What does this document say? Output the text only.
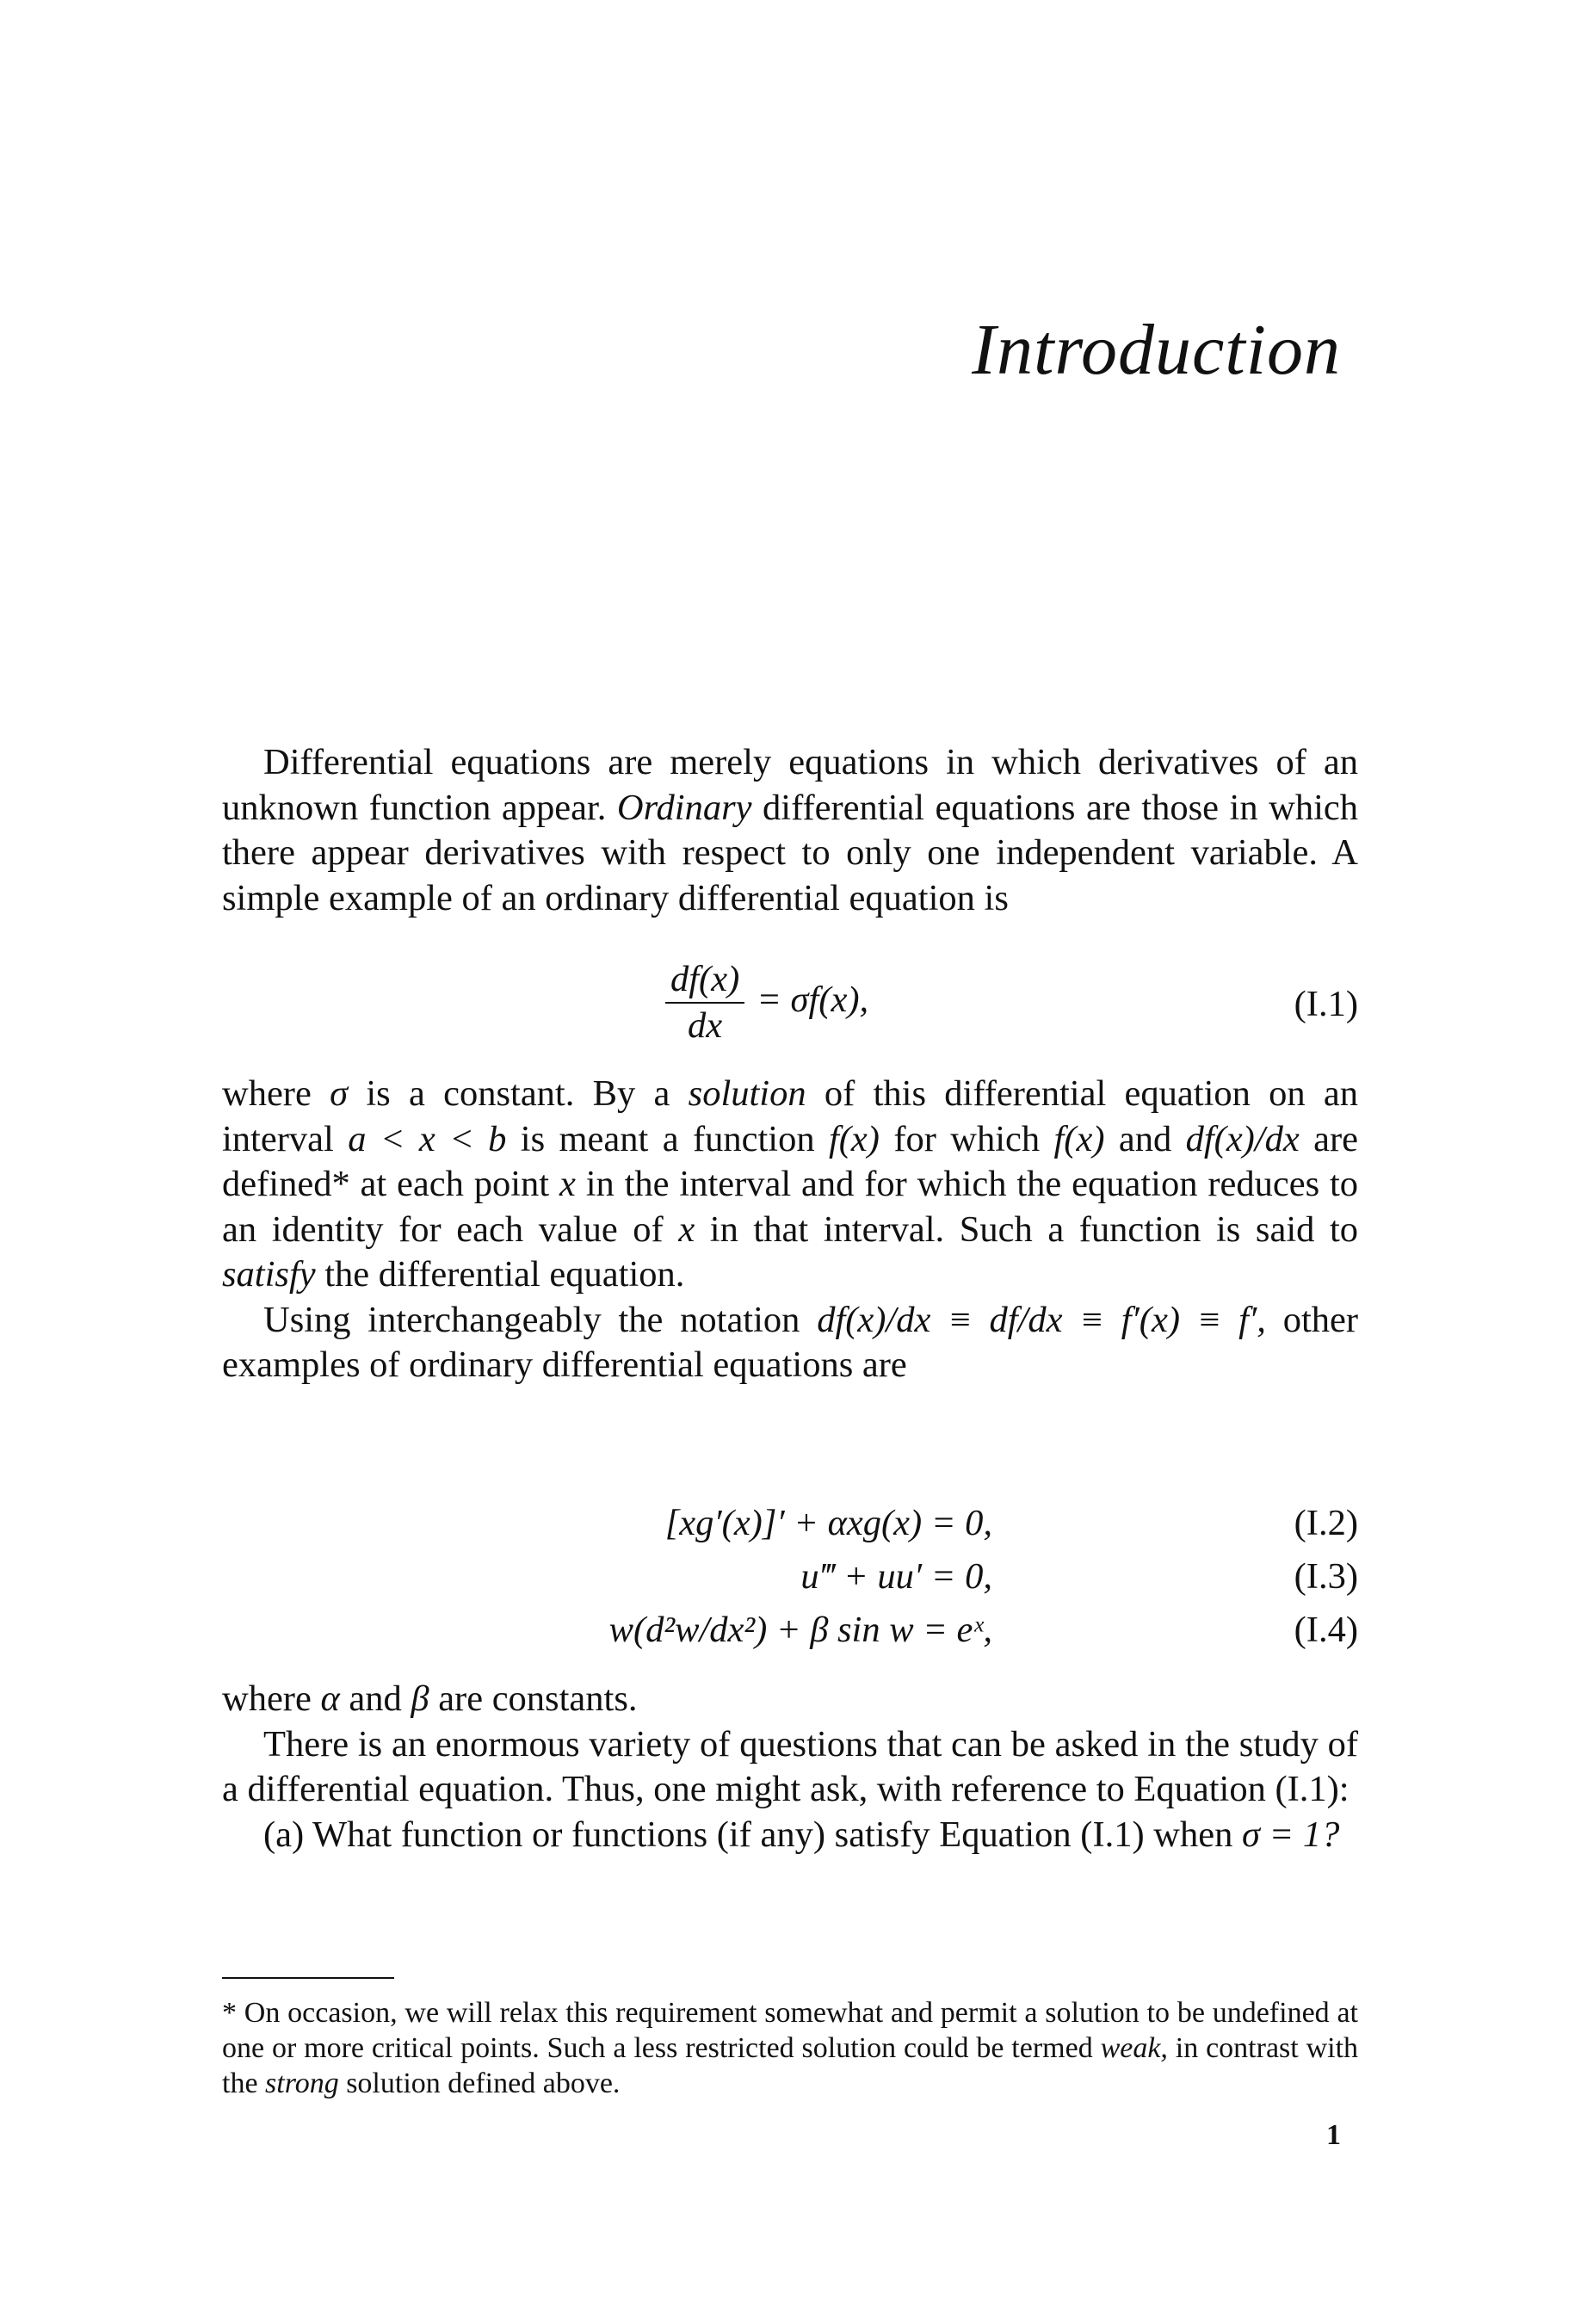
Introduction

Differential equations are merely equations in which derivatives of an unknown function appear. Ordinary differential equations are those in which there appear derivatives with respect to only one independent variable. A simple example of an ordinary differential equation is

$\frac{df(x)}{dx} = \sigma f(x)$,	(I.1)

where σ is a constant. By a solution of this differential equation on an interval a < x < b is meant a function f(x) for which f(x) and df(x)/dx are defined* at each point x in the interval and for which the equation reduces to an identity for each value of x in that interval. Such a function is said to satisfy the differential equation.

Using interchangeably the notation df(x)/dx ≡ df/dx ≡ f′(x) ≡ f′, other examples of ordinary differential equations are

[xg′(x)]′ + αxg(x) = 0,	(I.2)
u‴ + uu′ = 0,	(I.3)
w(d²w/dx²) + β sin w = eˣ,	(I.4)

where α and β are constants.

There is an enormous variety of questions that can be asked in the study of a differential equation. Thus, one might ask, with reference to Equation (I.1):

(a) What function or functions (if any) satisfy Equation (I.1) when σ = 1?

* On occasion, we will relax this requirement somewhat and permit a solution to be undefined at one or more critical points. Such a less restricted solution could be termed weak, in contrast with the strong solution defined above.

1
